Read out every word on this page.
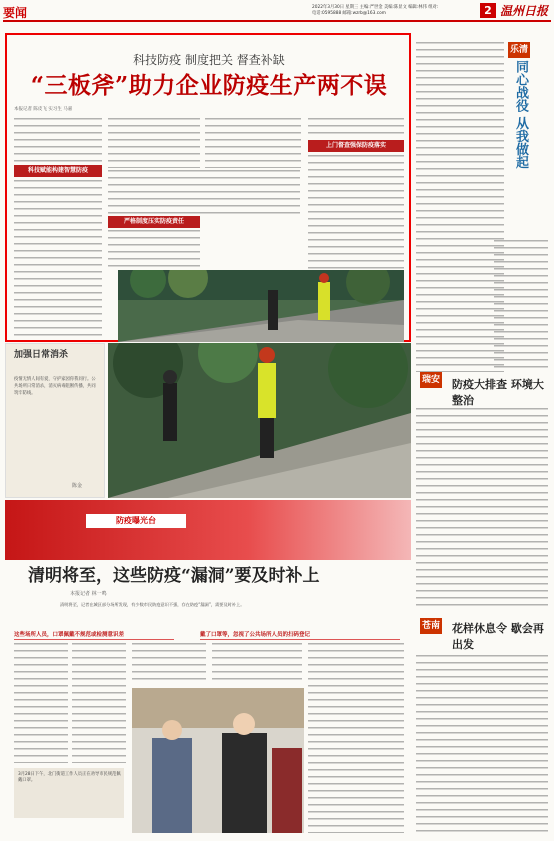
要闻	2022年3月30日 星期三 主编:严世金 美编:陈显文 编辑:林伟 组对:
电话:0595888 邮箱:wzrb@163.com	2 温州日报
科技防疫 制度把关 督查补缺
“三板斧”助力企业防疫生产两不误
本报记者 陈皮飞 实习生 马嘉
科技赋能构建智慧防疫
上门督查强保防疫落实
严格制度压实防疫责任
加强日常消杀
疫情无情人间有爱，守护家园你我同行。公共场所日常消杀，消灭病毒阻断传播，共同筑牢防线。
陈金
防疫曝光台
清明将至，这些防疫“漏洞”要及时补上
本报记者 林一鸣
清明将至，记者在城区部分场所发现，有少数市民防疫意识不强，存在防疫“漏洞”，需要及时补上。
这些场所人员，口罩佩戴不规范或检测意识差	戴了口罩等，忽视了公共场所人员的扫码登记
3月28日下午，北门街道工作人员正在劝导市民规范佩戴口罩。
乐清
同心战役 从我做起
瑞安 防疫大排查 环境大整治
苍南 花样休息令 歇会再出发
